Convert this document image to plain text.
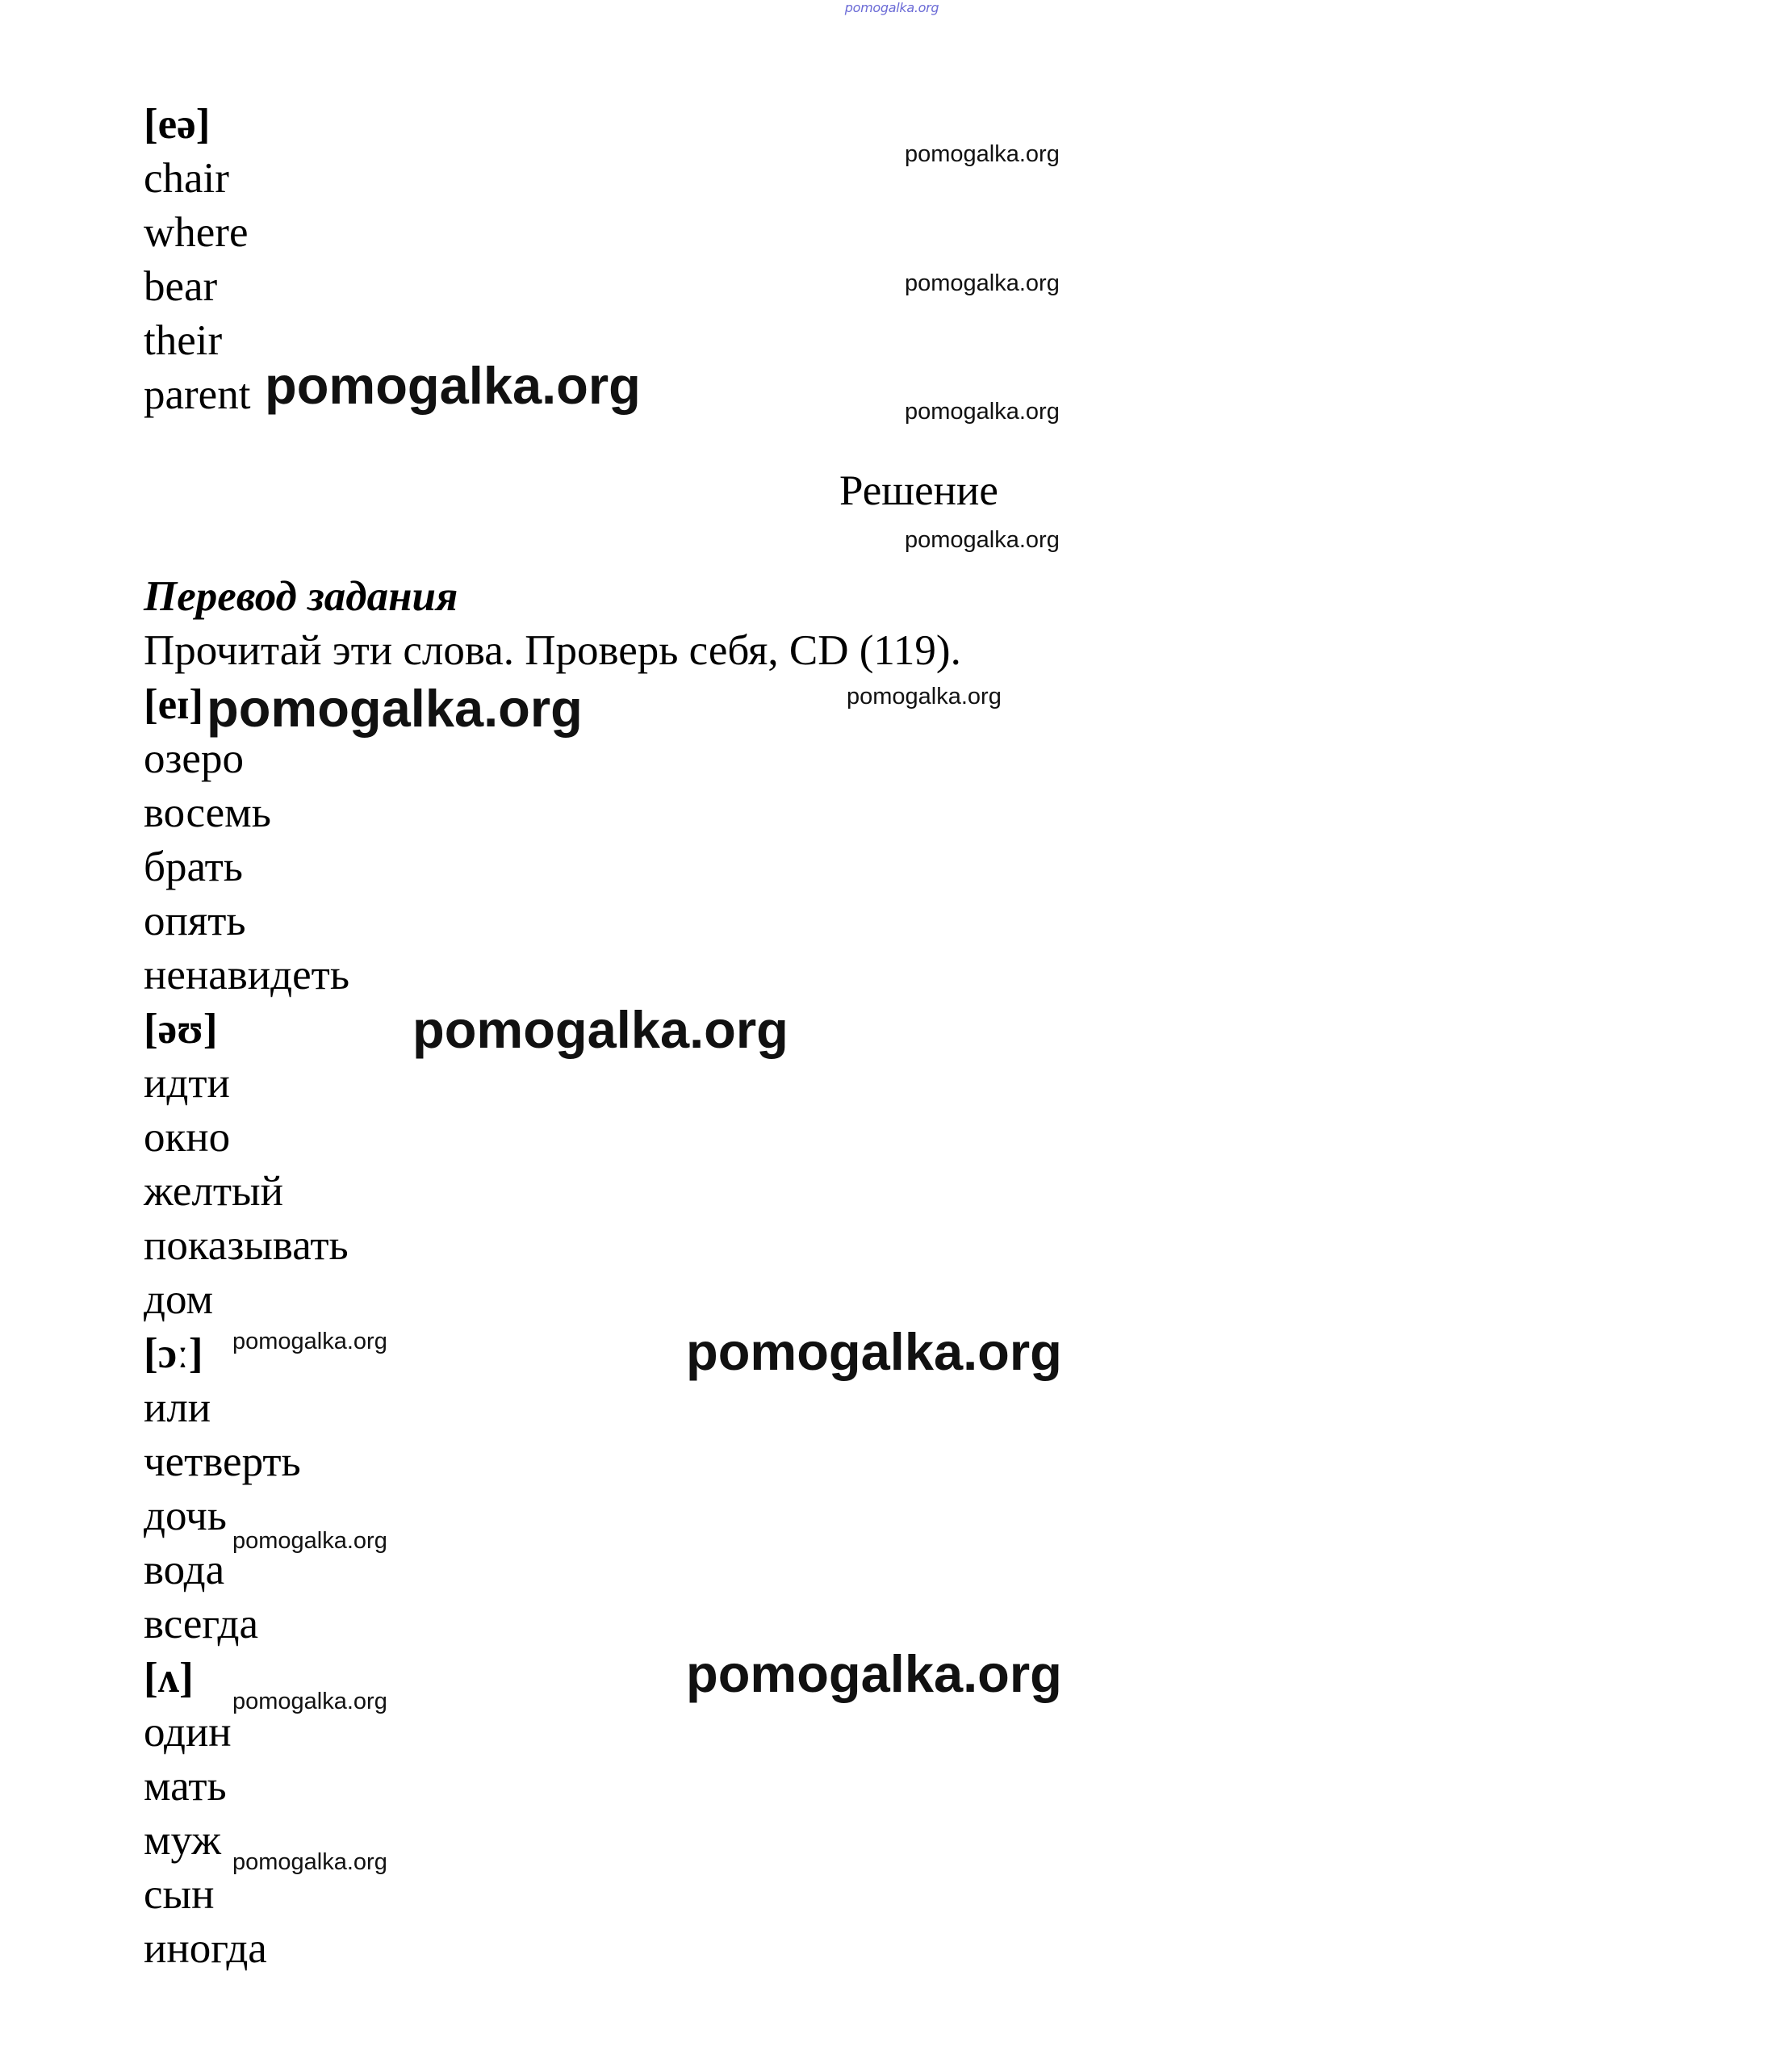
pomogalka.org
[eə]
chair
where
bear
their
parent
Решение
Перевод задания
Прочитай эти слова. Проверь себя, CD (119).
[eɪ]
озеро
восемь
брать
опять
ненавидеть
[əʊ]
идти
окно
желтый
показывать
дом
[ɔː]
или
четверть
дочь
вода
всегда
[ʌ]
один
мать
муж
сын
иногда
pomogalka.org
pomogalka.org
pomogalka.org
pomogalka.org
pomogalka.org
pomogalka.org
pomogalka.org
pomogalka.org
pomogalka.org
pomogalka.org
pomogalka.org
pomogalka.org
pomogalka.org
pomogalka.org
